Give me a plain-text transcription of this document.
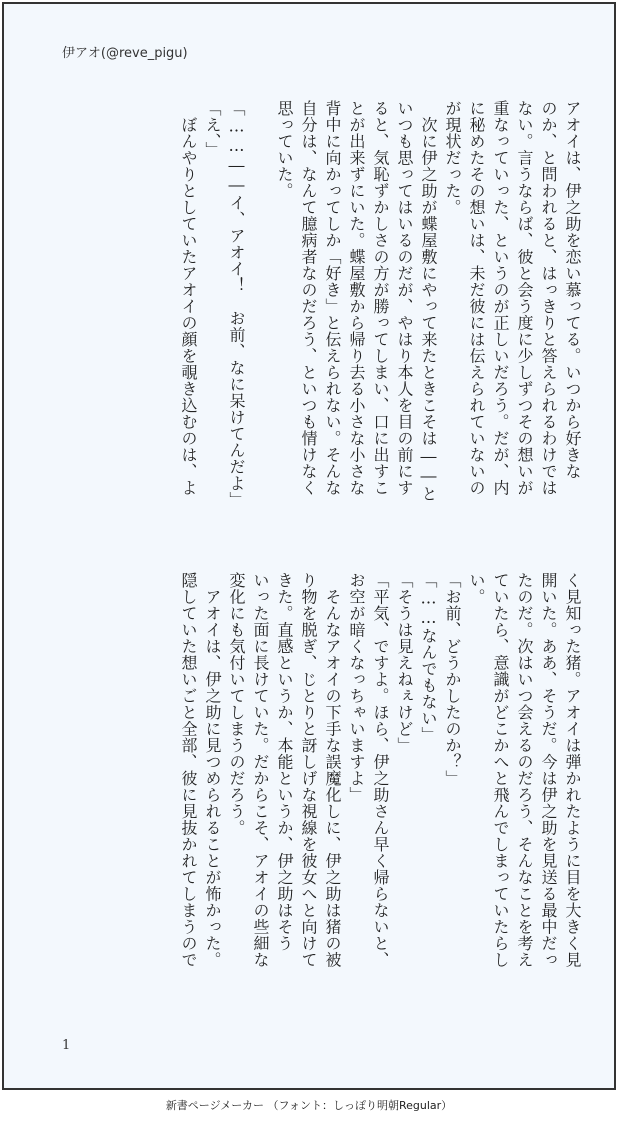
伊アオ(@reve_pigu)
アオイは、伊之助を恋い慕ってる。いつから好きな
のか、と問われると、はっきりと答えられるわけでは
ない。言うならば、彼と会う度に少しずつその想いが
重なっていった、というのが正しいだろう。だが、内
に秘めたその想いは、未だ彼には伝えられていないの
が現状だった。
　次に伊之助が蝶屋敷にやって来たときこそは――と
いつも思ってはいるのだが、やはり本人を目の前にす
ると、気恥ずかしさの方が勝ってしまい、口に出すこ
とが出来ずにいた。蝶屋敷から帰り去る小さな小さな
背中に向かってしか「好き」と伝えられない。そんな
自分は、なんて臆病者なのだろう、といつも情けなく
思っていた。
「……――イ、アオイ！　お前、なに呆けてんだよ」
「え、」
　ぼんやりとしていたアオイの顔を覗き込むのは、よ
く見知った猪。アオイは弾かれたように目を大きく見
開いた。ああ、そうだ。今は伊之助を見送る最中だっ
たのだ。次はいつ会えるのだろう、そんなことを考え
ていたら、意識がどこかへと飛んでしまっていたらし
い。
「お前、どうかしたのか？」
「……なんでもない」
「そうは見えねぇけど」
「平気、ですよ。ほら、伊之助さん早く帰らないと、
お空が暗くなっちゃいますよ」
　そんなアオイの下手な誤魔化しに、伊之助は猪の被
り物を脱ぎ、じとりと訝しげな視線を彼女へと向けて
きた。直感というか、本能というか、伊之助はそう
いった面に長けていた。だからこそ、アオイの些細な
変化にも気付いてしまうのだろう。
　アオイは、伊之助に見つめられることが怖かった。
隠していた想いごと全部、彼に見抜かれてしまうので
1
新書ページメーカー （フォント：しっぽり明朝Regular）
